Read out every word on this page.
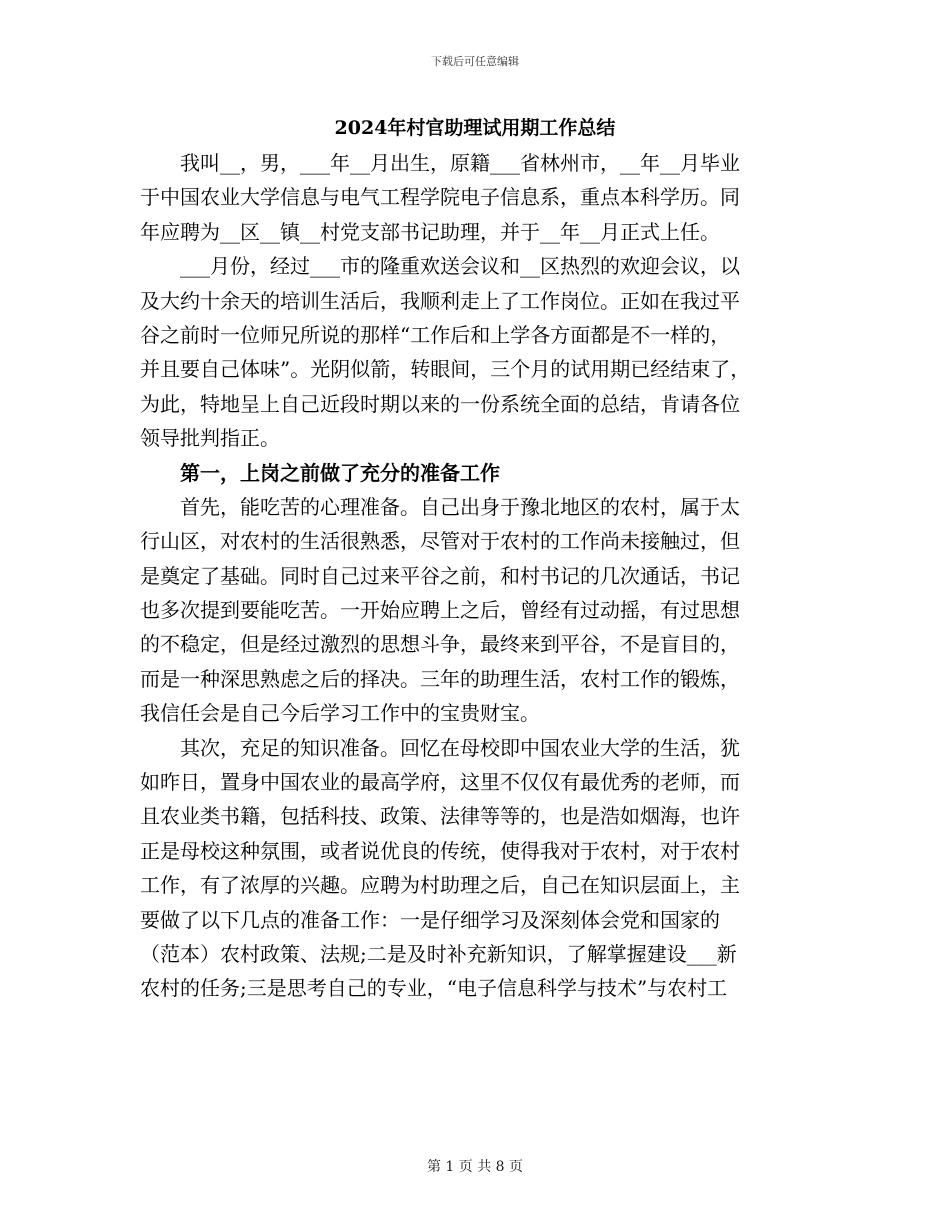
下载后可任意编辑
2024年村官助理试用期工作总结
　　我叫__，男，___年__月出生，原籍___省林州市，__年__月毕业
于中国农业大学信息与电气工程学院电子信息系，重点本科学历。同
年应聘为__区__镇__村党支部书记助理，并于__年__月正式上任。
　　___月份，经过___市的隆重欢送会议和__区热烈的欢迎会议，以
及大约十余天的培训生活后，我顺利走上了工作岗位。正如在我过平
谷之前时一位师兄所说的那样“工作后和上学各方面都是不一样的，
并且要自己体味”。光阴似箭，转眼间，三个月的试用期已经结束了，
为此，特地呈上自己近段时期以来的一份系统全面的总结，肯请各位
领导批判指正。
　　第一，上岗之前做了充分的准备工作
　　首先，能吃苦的心理准备。自己出身于豫北地区的农村，属于太
行山区，对农村的生活很熟悉，尽管对于农村的工作尚未接触过，但
是奠定了基础。同时自己过来平谷之前，和村书记的几次通话，书记
也多次提到要能吃苦。一开始应聘上之后，曾经有过动摇，有过思想
的不稳定，但是经过激烈的思想斗争，最终来到平谷，不是盲目的，
而是一种深思熟虑之后的择决。三年的助理生活，农村工作的锻炼，
我信任会是自己今后学习工作中的宝贵财宝。
　　其次，充足的知识准备。回忆在母校即中国农业大学的生活，犹
如昨日，置身中国农业的最高学府，这里不仅仅有最优秀的老师，而
且农业类书籍，包括科技、政策、法律等等的，也是浩如烟海，也许
正是母校这种氛围，或者说优良的传统，使得我对于农村，对于农村
工作，有了浓厚的兴趣。应聘为村助理之后，自己在知识层面上，主
要做了以下几点的准备工作：一是仔细学习及深刻体会党和国家的
（范本）农村政策、法规;二是及时补充新知识，了解掌握建设___新
农村的任务;三是思考自己的专业，“电子信息科学与技术”与农村工
第 1 页 共 8 页
